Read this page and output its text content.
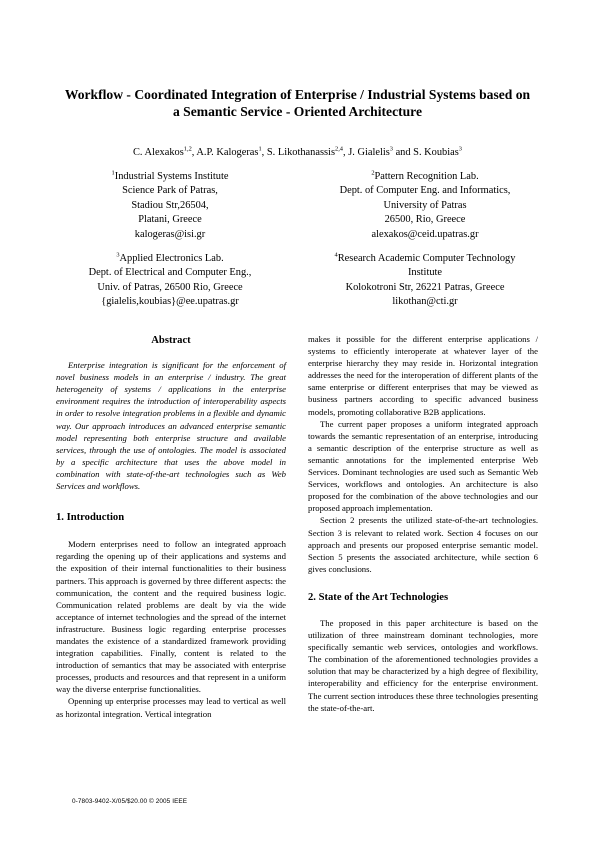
Workflow - Coordinated Integration of Enterprise / Industrial Systems based on
a Semantic Service - Oriented Architecture
C. Alexakos$^{1,2}$, A.P. Kalogeras$^1$, S. Likothanassis$^{2,4}$, J. Gialelis$^3$ and S. Koubias$^3$
$^1$Industrial Systems Institute
Science Park of Patras,
Stadiou Str,26504,
Platani, Greece
kalogeras@isi.gr
$^2$Pattern Recognition Lab.
Dept. of Computer Eng. and Informatics,
University of Patras
26500, Rio, Greece
alexakos@ceid.upatras.gr
$^3$Applied Electronics Lab.
Dept. of Electrical and Computer Eng.,
Univ. of Patras, 26500 Rio, Greece
{gialelis,koubias}@ee.upatras.gr
$^4$Research Academic Computer Technology
Institute
Kolokotroni Str, 26221 Patras, Greece
likothan@cti.gr
Abstract

Enterprise integration is significant for the enforcement of novel business models in an enterprise / industry. The great heterogeneity of systems / applications in the enterprise environment requires the introduction of interoperability aspects in order to resolve integration problems in a flexible and dynamic way. Our approach introduces an advanced enterprise semantic model representing both enterprise structure and available services, through the use of ontologies. The model is associated by a specific architecture that uses the above model in combination with state-of-the-art technologies such as Web Services and workflows.

1. Introduction

Modern enterprises need to follow an integrated approach regarding the opening up of their applications and systems and the exposition of their internal functionalities to their business partners. This approach is governed by three different aspects: the communication, the content and the required business logic. Communication related problems are dealt by via the wide acceptance of internet technologies and the spread of the internet infrastructure. Business logic regarding enterprise processes mandates the existence of a standardized framework providing integration capabilities. Finally, content is related to the introduction of semantics that may be associated with enterprise processes, products and resources and that represent in a uniform way the diverse enterprise functionalities.

Openning up enterprise processes may lead to vertical as well as horizontal integration. Vertical integration

makes it possible for the different enterprise applications / systems to efficiently interoperate at whatever layer of the enterprise hierarchy they may reside in. Horizontal integration addresses the need for the interoperation of different plants of the same enterprise or different enterprises that may be viewed as business partners according to specific advanced business models, promoting collaborative B2B applications.

The current paper proposes a uniform integrated approach towards the semantic representation of an enterprise, introducing a semantic description of the enterprise structure as well as semantic annotations for the implemented enterprise Web Services. Dominant technologies are used such as Semantic Web Services, workflows and ontologies. An architecture is also proposed for the combination of the above technologies and our proposed approach implementation.

Section 2 presents the utilized state-of-the-art technologies. Section 3 is relevant to related work. Section 4 focuses on our approach and presents our proposed enterprise semantic model. Section 5 presents the associated architecture, while section 6 gives conclusions.

2. State of the Art Technologies

The proposed in this paper architecture is based on the utilization of three mainstream dominant technologies, more specifically semantic web services, ontologies and workflows. The combination of the aforementioned technologies provides a solution that may be characterized by a high degree of flexibility, interoperability and efficiency for the enterprise environment. The current section introduces these three technologies presenting the state-of-the-art.

0-7803-9402-X/05/$20.00 © 2005 IEEE
